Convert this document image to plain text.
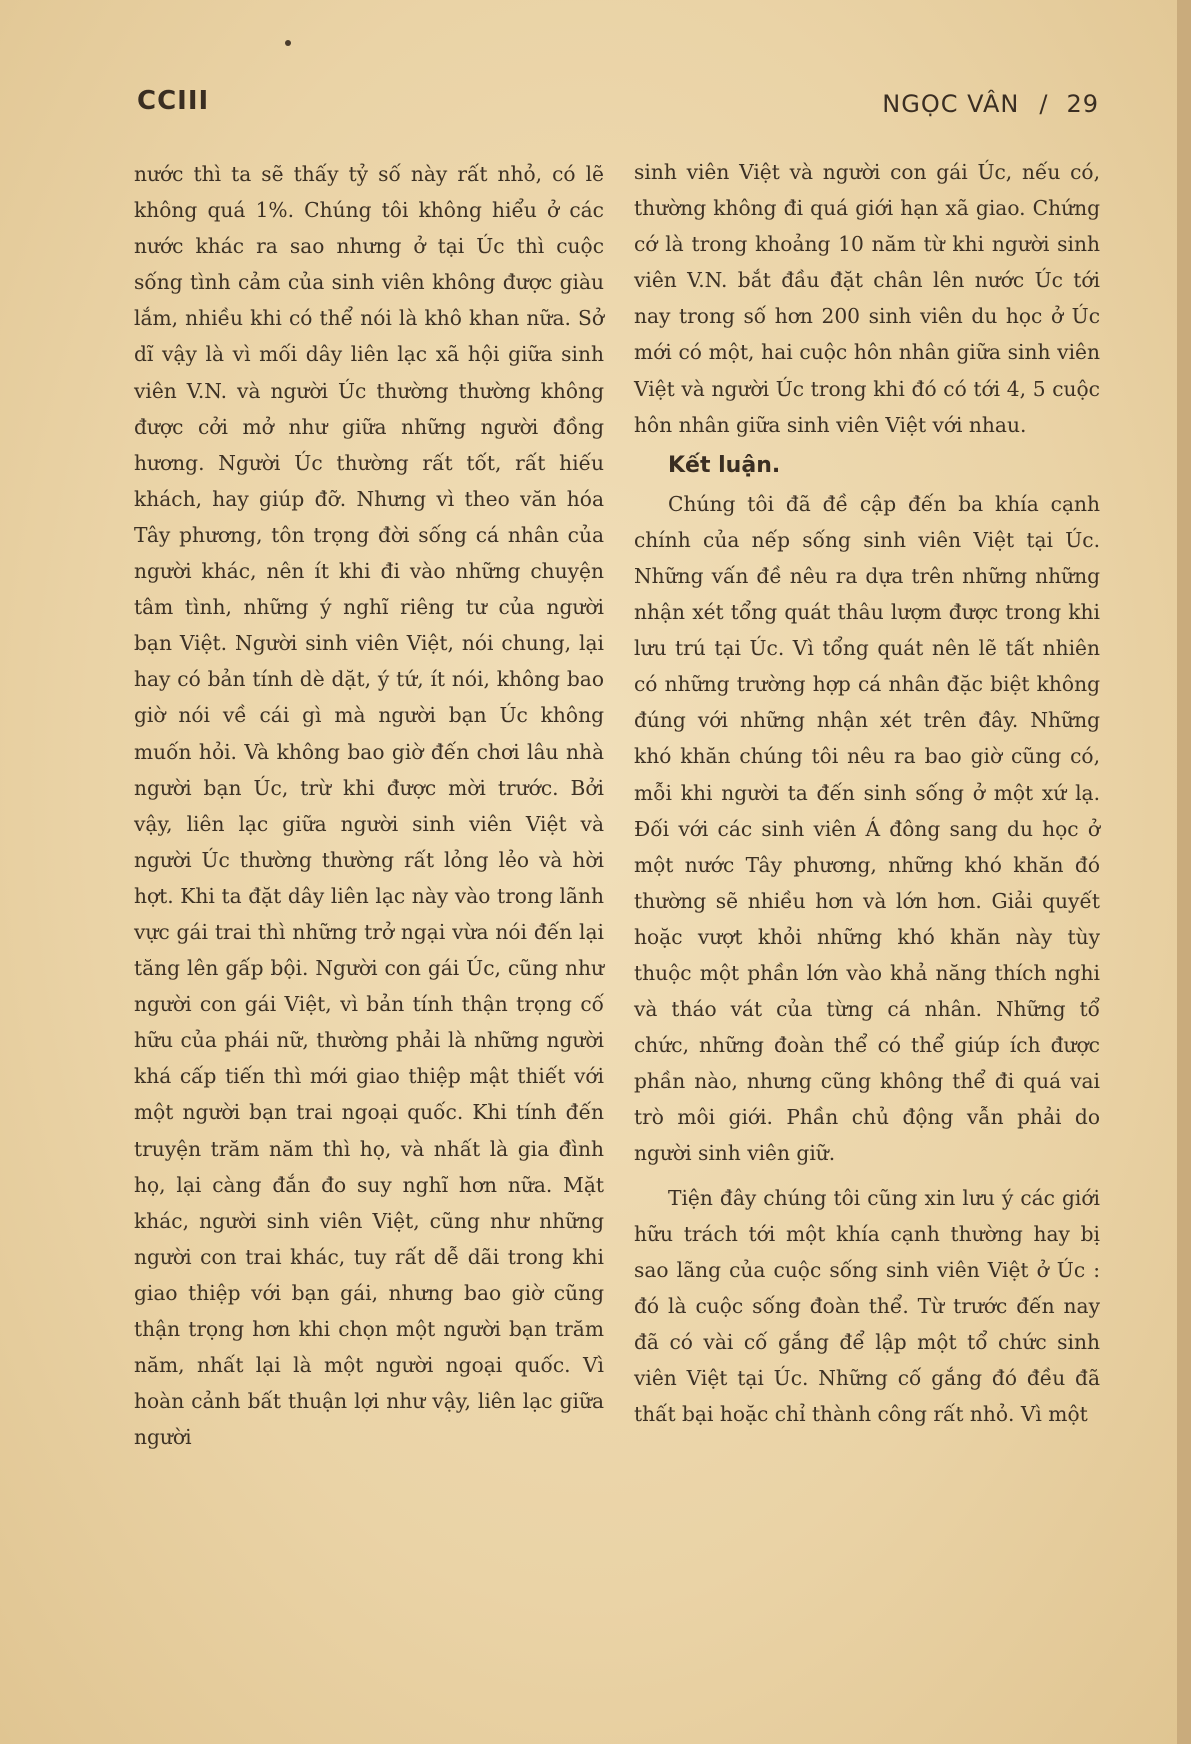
CCIII	NGỌC VÂN / 29

nước thì ta sẽ thấy tỷ số này rất nhỏ, có lẽ không quá 1%. Chúng tôi không hiểu ở các nước khác ra sao nhưng ở tại Úc thì cuộc sống tình cảm của sinh viên không được giàu lắm, nhiều khi có thể nói là khô khan nữa. Sở dĩ vậy là vì mối dây liên lạc xã hội giữa sinh viên V.N. và người Úc thường thường không được cởi mở như giữa những người đồng hương. Người Úc thường rất tốt, rất hiếu khách, hay giúp đỡ. Nhưng vì theo văn hóa Tây phương, tôn trọng đời sống cá nhân của người khác, nên ít khi đi vào những chuyện tâm tình, những ý nghĩ riêng tư của người bạn Việt. Người sinh viên Việt, nói chung, lại hay có bản tính dè dặt, ý tứ, ít nói, không bao giờ nói về cái gì mà người bạn Úc không muốn hỏi. Và không bao giờ đến chơi lâu nhà người bạn Úc, trừ khi được mời trước. Bởi vậy, liên lạc giữa người sinh viên Việt và người Úc thường thường rất lỏng lẻo và hời hợt. Khi ta đặt dây liên lạc này vào trong lãnh vực gái trai thì những trở ngại vừa nói đến lại tăng lên gấp bội. Người con gái Úc, cũng như người con gái Việt, vì bản tính thận trọng cố hữu của phái nữ, thường phải là những người khá cấp tiến thì mới giao thiệp mật thiết với một người bạn trai ngoại quốc. Khi tính đến truyện trăm năm thì họ, và nhất là gia đình họ, lại càng đắn đo suy nghĩ hơn nữa. Mặt khác, người sinh viên Việt, cũng như những người con trai khác, tuy rất dễ dãi trong khi giao thiệp với bạn gái, nhưng bao giờ cũng thận trọng hơn khi chọn một người bạn trăm năm, nhất lại là một người ngoại quốc. Vì hoàn cảnh bất thuận lợi như vậy, liên lạc giữa người

sinh viên Việt và người con gái Úc, nếu có, thường không đi quá giới hạn xã giao. Chứng cớ là trong khoảng 10 năm từ khi người sinh viên V.N. bắt đầu đặt chân lên nước Úc tới nay trong số hơn 200 sinh viên du học ở Úc mới có một, hai cuộc hôn nhân giữa sinh viên Việt và người Úc trong khi đó có tới 4, 5 cuộc hôn nhân giữa sinh viên Việt với nhau.

Kết luận.

Chúng tôi đã đề cập đến ba khía cạnh chính của nếp sống sinh viên Việt tại Úc. Những vấn đề nêu ra dựa trên những những nhận xét tổng quát thâu lượm được trong khi lưu trú tại Úc. Vì tổng quát nên lẽ tất nhiên có những trường hợp cá nhân đặc biệt không đúng với những nhận xét trên đây. Những khó khăn chúng tôi nêu ra bao giờ cũng có, mỗi khi người ta đến sinh sống ở một xứ lạ. Đối với các sinh viên Á đông sang du học ở một nước Tây phương, những khó khăn đó thường sẽ nhiều hơn và lớn hơn. Giải quyết hoặc vượt khỏi những khó khăn này tùy thuộc một phần lớn vào khả năng thích nghi và tháo vát của từng cá nhân. Những tổ chức, những đoàn thể có thể giúp ích được phần nào, nhưng cũng không thể đi quá vai trò môi giới. Phần chủ động vẫn phải do người sinh viên giữ.

Tiện đây chúng tôi cũng xin lưu ý các giới hữu trách tới một khía cạnh thường hay bị sao lãng của cuộc sống sinh viên Việt ở Úc : đó là cuộc sống đoàn thể. Từ trước đến nay đã có vài cố gắng để lập một tổ chức sinh viên Việt tại Úc. Những cố gắng đó đều đã thất bại hoặc chỉ thành công rất nhỏ. Vì một
